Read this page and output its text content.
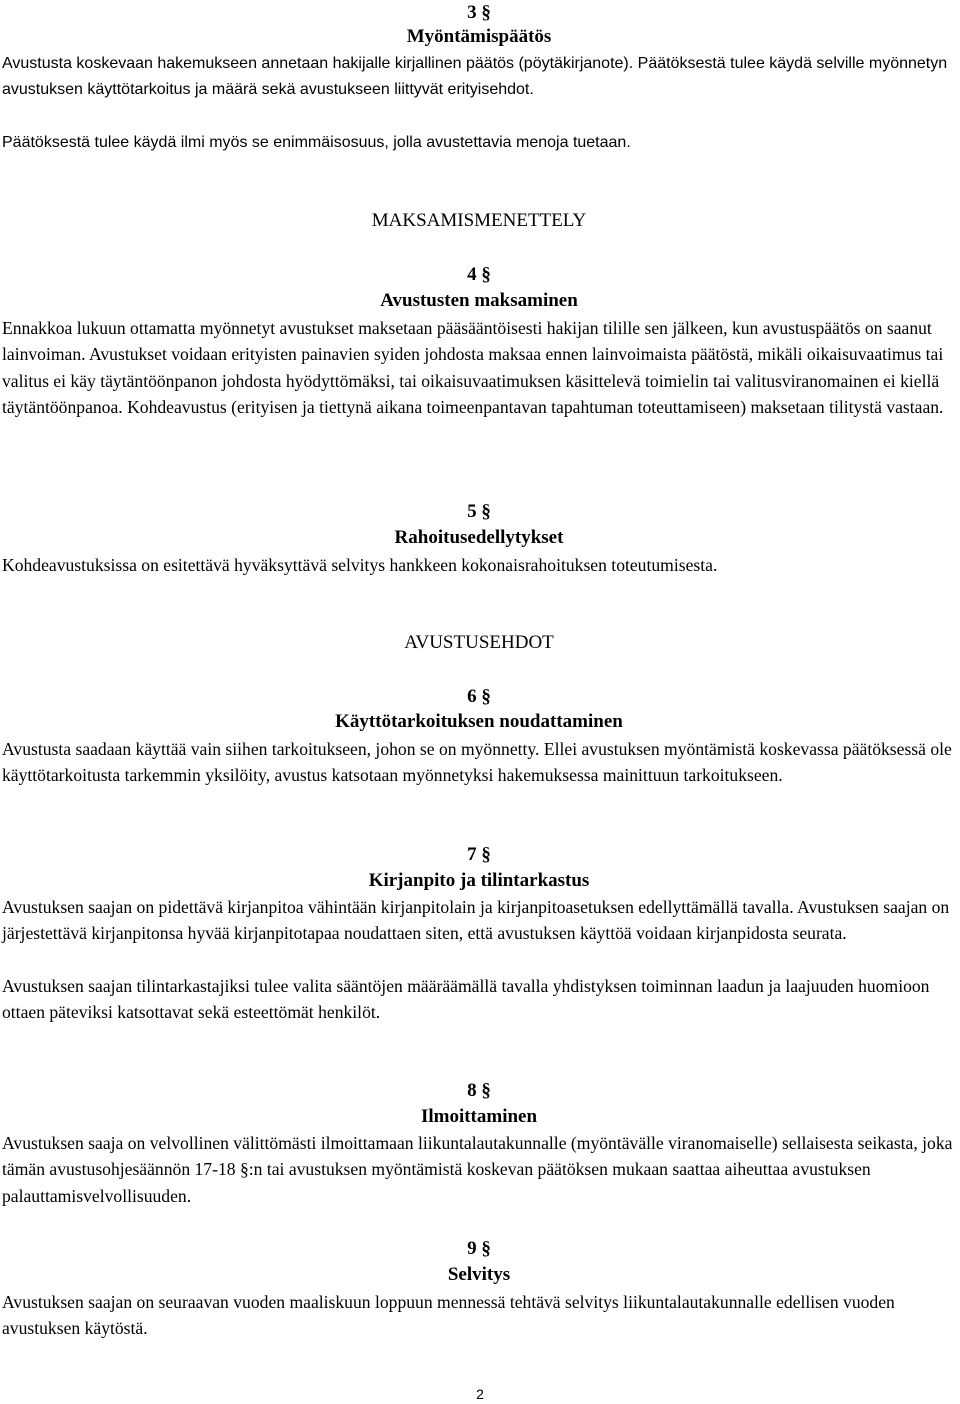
3 §
Myöntämispäätös

Avustusta koskevaan hakemukseen annetaan hakijalle kirjallinen päätös (pöytäkirjanote). Päätöksestä tulee käydä selville myönnetyn avustuksen käyttötarkoitus ja määrä sekä avustukseen liittyvät erityisehdot.

Päätöksestä tulee käydä ilmi myös se enimmäisosuus, jolla avustettavia menoja tuetaan.

MAKSAMISMENETTELY
4 §
Avustusten maksaminen

Ennakkoa lukuun ottamatta myönnetyt avustukset maksetaan pääsääntöisesti hakijan tilille sen jälkeen, kun avustuspäätös on saanut lainvoiman. Avustukset voidaan erityisten painavien syiden johdosta maksaa ennen lainvoimaista päätöstä, mikäli oikaisuvaatimus tai valitus ei käy täytäntöönpanon johdosta hyödyttömäksi, tai oikaisuvaatimuksen käsittelevä toimielin tai valitusviranomainen ei kiellä täytäntöönpanoa. Kohdeavustus (erityisen ja tiettynä aikana toimeenpantavan tapahtuman toteuttamiseen) maksetaan tilitystä vastaan.

5 §
Rahoitusedellytykset

Kohdeavustuksissa on esitettävä hyväksyttävä selvitys hankkeen kokonaisrahoituksen toteutumisesta.

AVUSTUSEHDOT
6 §
Käyttötarkoituksen noudattaminen

Avustusta saadaan käyttää vain siihen tarkoitukseen, johon se on myönnetty. Ellei avustuksen myöntämistä koskevassa päätöksessä ole käyttötarkoitusta tarkemmin yksilöity, avustus katsotaan myönnetyksi hakemuksessa mainittuun tarkoitukseen.

7 §
Kirjanpito ja tilintarkastus

Avustuksen saajan on pidettävä kirjanpitoa vähintään kirjanpitolain ja kirjanpitoasetuksen edellyttämällä tavalla. Avustuksen saajan on järjestettävä kirjanpitonsa hyvää kirjanpitotapaa noudattaen siten, että avustuksen käyttöä voidaan kirjanpidosta seurata.

Avustuksen saajan tilintarkastajiksi tulee valita sääntöjen määräämällä tavalla yhdistyksen toiminnan laadun ja laajuuden huomioon ottaen päteviksi katsottavat sekä esteettömät henkilöt.

8 §
Ilmoittaminen

Avustuksen saaja on velvollinen välittömästi ilmoittamaan liikuntalautakunnalle (myöntävälle viranomaiselle) sellaisesta seikasta, joka tämän avustusohjesäännön 17-18 §:n tai avustuksen myöntämistä koskevan päätöksen mukaan saattaa aiheuttaa avustuksen palauttamisvelvollisuuden.

9 §
Selvitys

Avustuksen saajan on seuraavan vuoden maaliskuun loppuun mennessä tehtävä selvitys liikuntalautakunnalle edellisen vuoden avustuksen käytöstä.

2
